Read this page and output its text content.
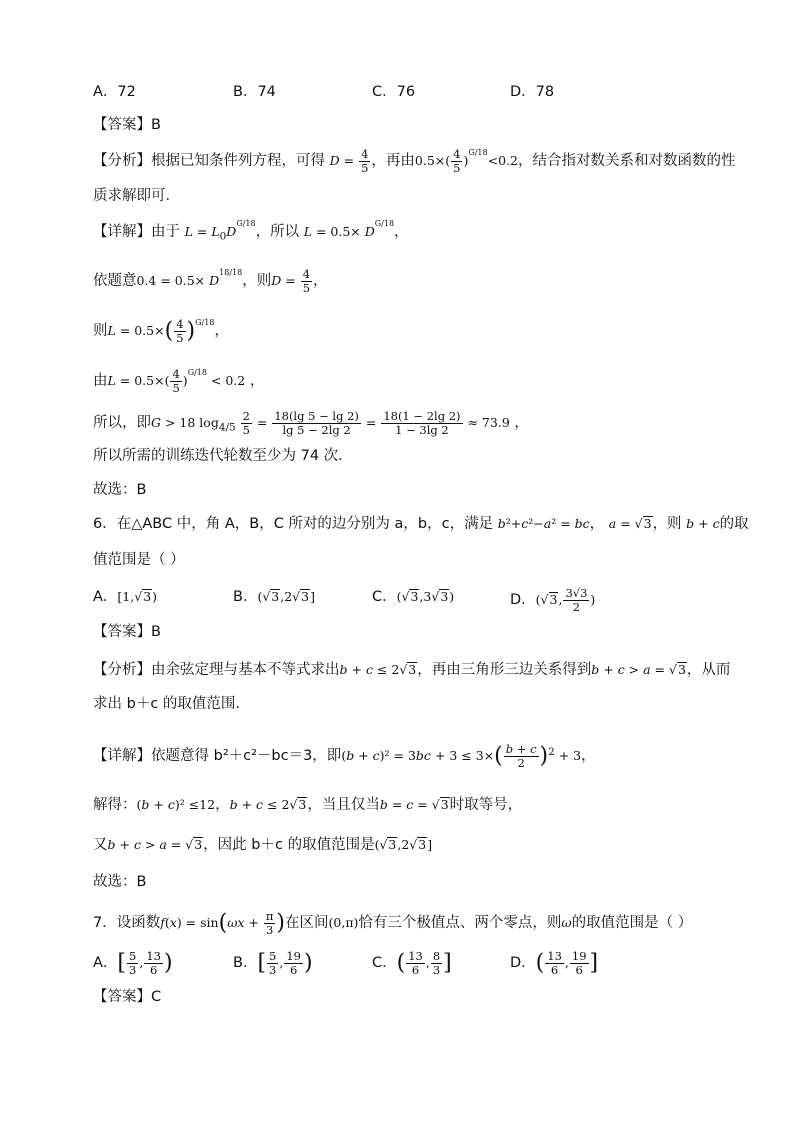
A．72	B．74	C．76	D．78
【答案】B
【分析】根据已知条件列方程，可得 $D = \frac{4}{5}$ ，再由$0.5\times( \frac{4}{5} )^{G/18}<0.2$，结合指对数关系和对数函数的性
质求解即可．
【详解】由于 $L = L_0D^{G/18}$，所以 $L = 0.5\times D^{G/18}$，
依题意$0.4 = 0.5\times D^{18/18}$，则$D = \frac{4}{5}$ ，
则$L = 0.5\times( \frac{4}{5} )^{G/18}$，
由$L = 0.5\times( \frac{4}{5} )^{G/18} < 0.2$ ，
所以，即G > 18 $\log_{4/5} \frac{2}{5} = \frac{18(\lg 5 - \lg 2)}{\lg 5 - 2\lg 2} = \frac{18(1 - 2\lg 2)}{1 - 3\lg 2} \approx 73.9$ ，
所以所需的训练迭代轮数至少为 74 次．
故选：B
6．在△ABC 中，角 A，B，C 所对的边分别为 a，b，c，满足 b²+c²−a² = bc， a = √3，则 b + c的取
值范围是（ ）
A．[1,√3)	B．(√3,2√3]	C．(√3,3√3)	D．(√3, $\frac{3√3}{2}$ )
【答案】B
【分析】由余弦定理与基本不等式求出b + c ≤ 2√3，再由三角形三边关系得到b + c > a = √3，从而
求出 b＋c 的取值范围.
【详解】依题意得 b²＋c²－bc＝3，即$(b + c)^2 = 3bc + 3 \le 3\times( \frac{b + c}{2} )^2 + 3$，
解得：(b + c)² ≤12，b + c ≤ 2√3，当且仅当b = c = √3时取等号，
又b + c > a = √3，因此 b＋c 的取值范围是(√3,2√3]
故选：B
7．设函数$f(x) = \sin(\omega x + \frac{\pi}{3}$ )在区间(0,π)恰有三个极值点、两个零点，则ω的取值范围是（ ）
A．[ $\frac{5}{3}$ , $\frac{13}{6}$ )	B．[ $\frac{5}{3}$ , $\frac{19}{6}$ )	C．( $\frac{13}{6}$ , $\frac{8}{3}$ ]	D．( $\frac{13}{6}$ , $\frac{19}{6}$ ]
【答案】C
